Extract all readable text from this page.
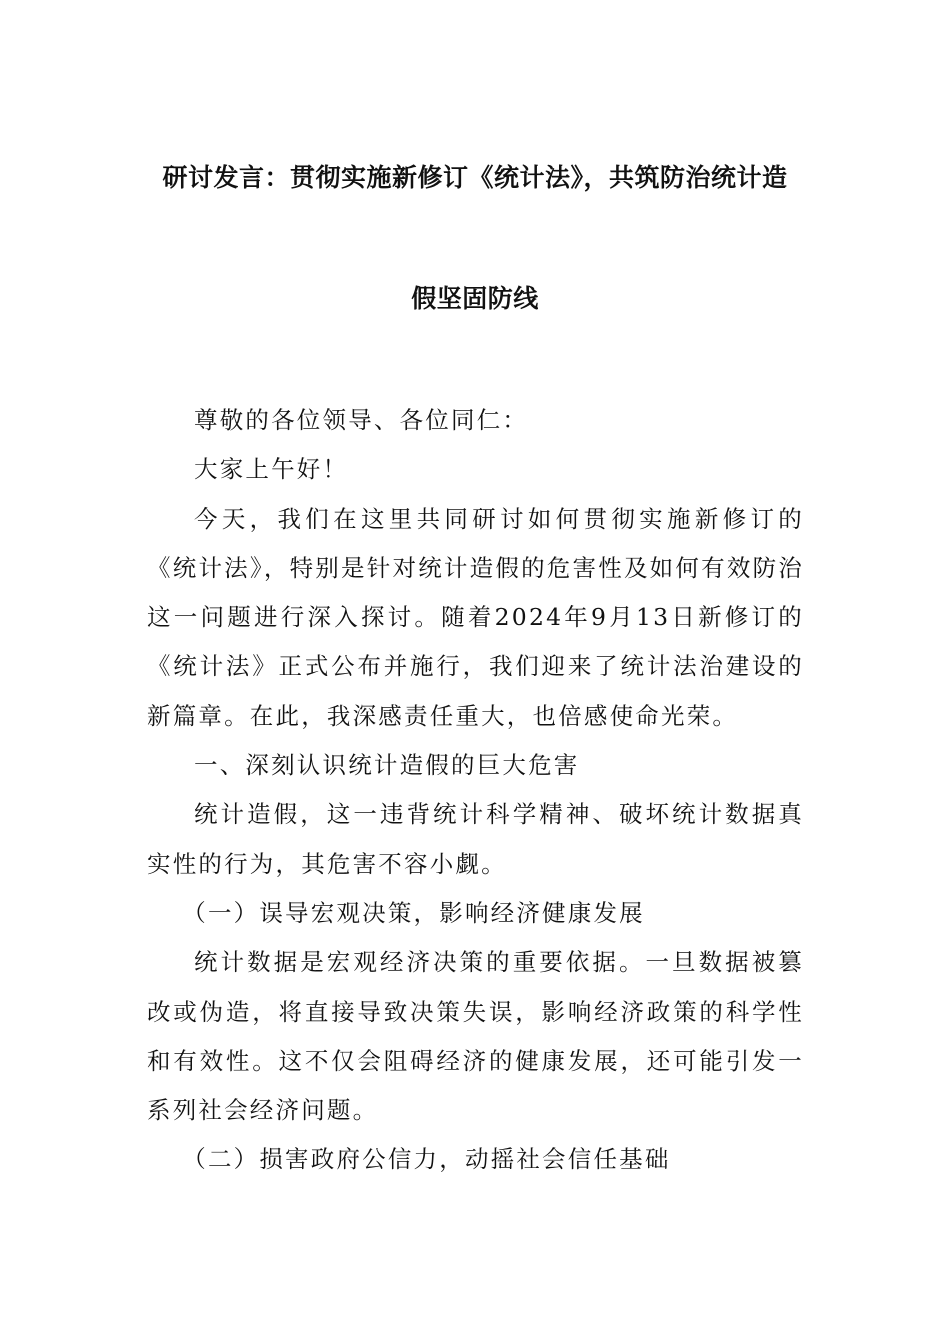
研讨发言：贯彻实施新修订《统计法》，共筑防治统计造
假坚固防线

尊敬的各位领导、各位同仁：

大家上午好！

今天，我们在这里共同研讨如何贯彻实施新修订的《统计法》，特别是针对统计造假的危害性及如何有效防治这一问题进行深入探讨。随着2024年9月13日新修订的《统计法》正式公布并施行，我们迎来了统计法治建设的新篇章。在此，我深感责任重大，也倍感使命光荣。

一、深刻认识统计造假的巨大危害

统计造假，这一违背统计科学精神、破坏统计数据真实性的行为，其危害不容小觑。

（一）误导宏观决策，影响经济健康发展

统计数据是宏观经济决策的重要依据。一旦数据被篡改或伪造，将直接导致决策失误，影响经济政策的科学性和有效性。这不仅会阻碍经济的健康发展，还可能引发一系列社会经济问题。

（二）损害政府公信力，动摇社会信任基础
